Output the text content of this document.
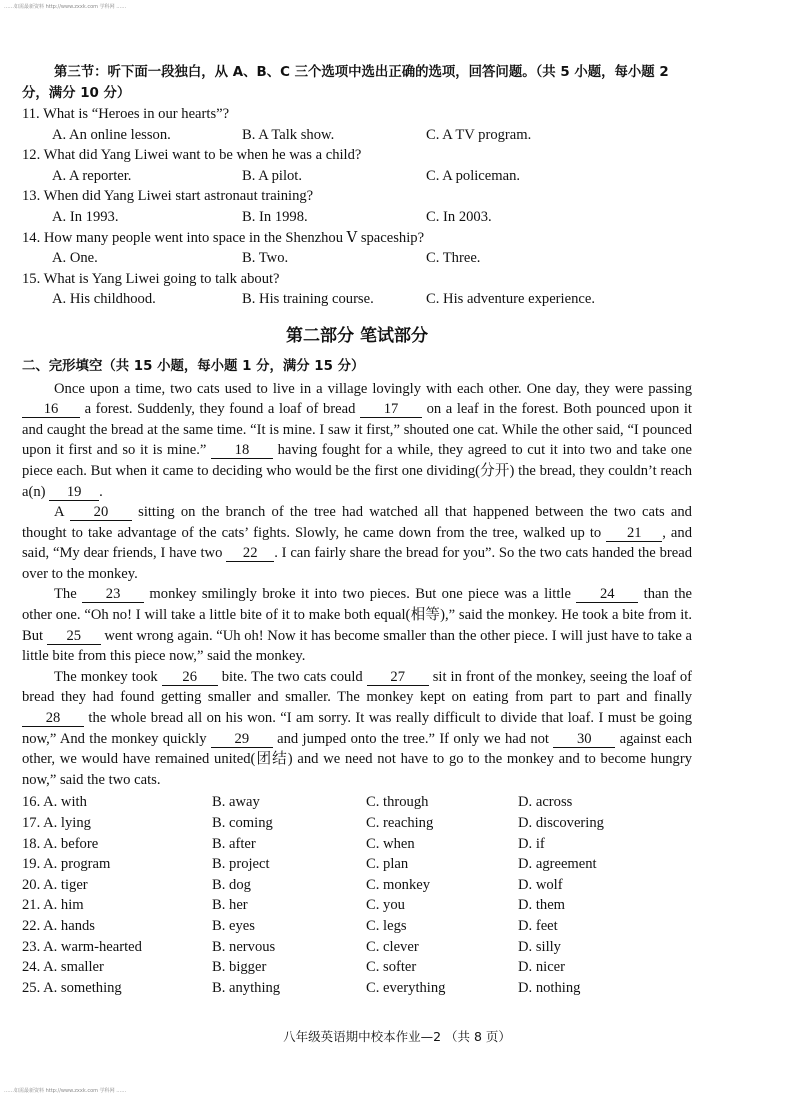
……如需最新资料 http://www.zxxk.com 学科网 ……

第三节：听下面一段独白，从 A、B、C 三个选项中选出正确的选项，回答问题。（共 5 小题，每小题 2 分，满分 10 分）

11. What is “Heroes in our hearts”?

A. An online lesson.	B. A Talk show.	C. A TV program.

12. What did Yang Liwei want to be when he was a child?

A. A reporter.	B. A pilot.	C. A policeman.

13. When did Yang Liwei start astronaut training?

A. In 1993.	B. In 1998.	C. In 2003.

14. How many people went into space in the Shenzhou Ⅴ spaceship?

A. One.	B. Two.	C. Three.

15. What is Yang Liwei going to talk about?

A. His childhood.	B. His training course.	C. His adventure experience.
第二部分 笔试部分

二、完形填空（共 15 小题，每小题 1 分，满分 15 分）

Once upon a time, two cats used to live in a village lovingly with each other. One day, they were passing 16 a forest. Suddenly, they found a loaf of bread 17 on a leaf in the forest. Both pounced upon it and caught the bread at the same time. “It is mine. I saw it first,” shouted one cat. While the other said, “I pounced upon it first and so it is mine.” 18 having fought for a while, they agreed to cut it into two and take one piece each. But when it came to deciding who would be the first one dividing(分开) the bread, they couldn’t reach a(n) 19 .

A 20 sitting on the branch of the tree had watched all that happened between the two cats and thought to take advantage of the cats’ fights. Slowly, he came down from the tree, walked up to 21 , and said, “My dear friends, I have two 22 . I can fairly share the bread for you”. So the two cats handed the bread over to the monkey.

The 23 monkey smilingly broke it into two pieces. But one piece was a little 24 than the other one. “Oh no! I will take a little bite of it to make both equal(相等),” said the monkey. He took a bite from it. But 25 went wrong again. “Uh oh! Now it has become smaller than the other piece. I will just have to take a little bite from this piece now,” said the monkey.

The monkey took 26 bite. The two cats could 27 sit in front of the monkey, seeing the loaf of bread they had found getting smaller and smaller. The monkey kept on eating from part to part and finally 28 the whole bread all on his won. “I am sorry. It was really difficult to divide that loaf. I must be going now,” And the monkey quickly 29 and jumped onto the tree.” If only we had not 30 against each other, we would have remained united(团结) and we need not have to go to the monkey and to become hungry now,” said the two cats.

16. A. with	B. away	C. through	D. across
17. A. lying	B. coming	C. reaching	D. discovering
18. A. before	B. after	C. when	D. if
19. A. program	B. project	C. plan	D. agreement
20. A. tiger	B. dog	C. monkey	D. wolf
21. A. him	B. her	C. you	D. them
22. A. hands	B. eyes	C. legs	D. feet
23. A. warm-hearted	B. nervous	C. clever	D. silly
24. A. smaller	B. bigger	C. softer	D. nicer
25. A. something	B. anything	C. everything	D. nothing
八年级英语期中校本作业—2 （共 8 页）
……如需最新资料 http://www.zxxk.com 学科网 ……
